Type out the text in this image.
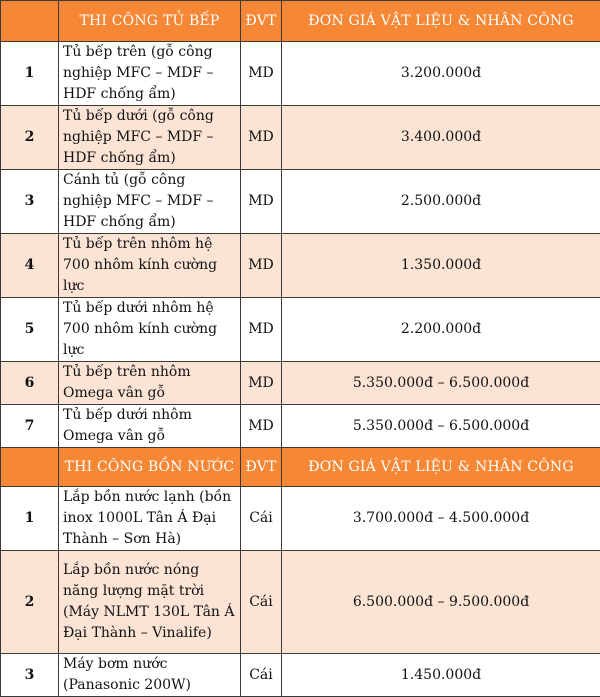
	THI CÔNG TỦ BẾP	ĐVT	ĐƠN GIÁ VẬT LIỆU & NHÂN CÔNG
1	Tủ bếp trên (gỗ công nghiệp MFC – MDF – HDF chống ẩm)	MD	3.200.000đ
2	Tủ bếp dưới (gỗ công nghiệp MFC – MDF – HDF chống ẩm)	MD	3.400.000đ
3	Cánh tủ (gỗ công nghiệp MFC – MDF – HDF chống ẩm)	MD	2.500.000đ
4	Tủ bếp trên nhôm hệ 700 nhôm kính cường lực	MD	1.350.000đ
5	Tủ bếp dưới nhôm hệ 700 nhôm kính cường lực	MD	2.200.000đ
6	Tủ bếp trên nhôm Omega vân gỗ	MD	5.350.000đ – 6.500.000đ
7	Tủ bếp dưới nhôm Omega vân gỗ	MD	5.350.000đ – 6.500.000đ
	THI CÔNG BỒN NƯỚC	ĐVT	ĐƠN GIÁ VẬT LIỆU & NHÂN CÔNG
1	Lắp bồn nước lạnh (bồn inox 1000L Tân Á Đại Thành – Sơn Hà)	Cái	3.700.000đ – 4.500.000đ
2	Lắp bồn nước nóng năng lượng mặt trời (Máy NLMT 130L Tân Á Đại Thành – Vinalife)	Cái	6.500.000đ – 9.500.000đ
3	Máy bơm nước (Panasonic 200W)	Cái	1.450.000đ
